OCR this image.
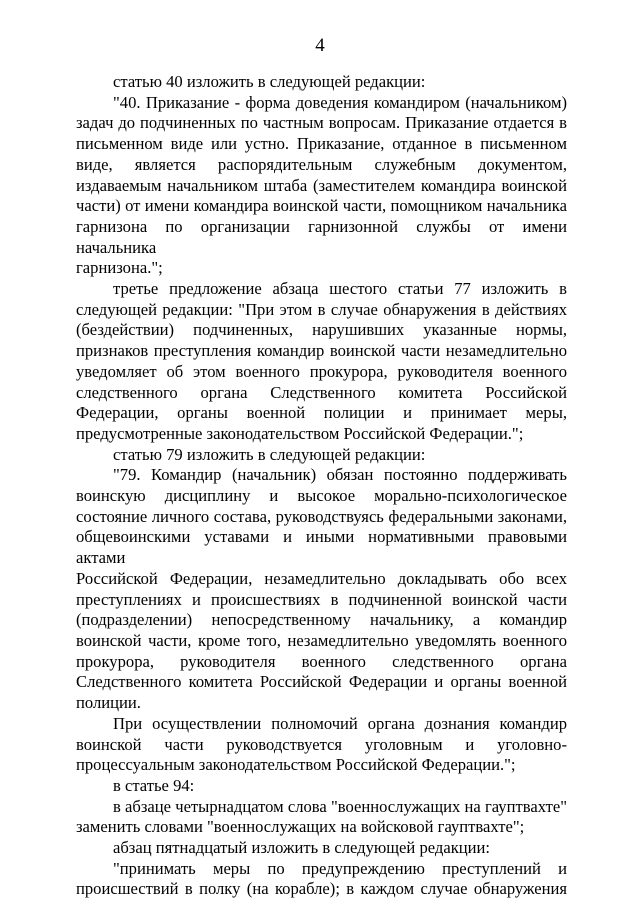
4
статью 40 изложить в следующей редакции:
"40. Приказание - форма доведения командиром (начальником)
задач до подчиненных по частным вопросам. Приказание отдается в
письменном виде или устно. Приказание, отданное в письменном
виде, является распорядительным служебным документом,
издаваемым начальником штаба (заместителем командира воинской
части) от имени командира воинской части, помощником начальника
гарнизона по организации гарнизонной службы от имени начальника
гарнизона.";
третье предложение абзаца шестого статьи 77 изложить в
следующей редакции: "При этом в случае обнаружения в действиях
(бездействии) подчиненных, нарушивших указанные нормы,
признаков преступления командир воинской части незамедлительно
уведомляет об этом военного прокурора, руководителя военного
следственного органа Следственного комитета Российской
Федерации, органы военной полиции и принимает меры,
предусмотренные законодательством Российской Федерации.";
статью 79 изложить в следующей редакции:
"79. Командир (начальник) обязан постоянно поддерживать
воинскую дисциплину и высокое морально-психологическое
состояние личного состава, руководствуясь федеральными законами,
общевоинскими уставами и иными нормативными правовыми актами
Российской Федерации, незамедлительно докладывать обо всех
преступлениях и происшествиях в подчиненной воинской части
(подразделении) непосредственному начальнику, а командир
воинской части, кроме того, незамедлительно уведомлять военного
прокурора, руководителя военного следственного органа
Следственного комитета Российской Федерации и органы военной
полиции.
При осуществлении полномочий органа дознания командир
воинской части руководствуется уголовным и уголовно-
процессуальным законодательством Российской Федерации.";
в статье 94:
в абзаце четырнадцатом слова "военнослужащих на гауптвахте"
заменить словами "военнослужащих на войсковой гауптвахте";
абзац пятнадцатый изложить в следующей редакции:
"принимать меры по предупреждению преступлений и
происшествий в полку (на корабле); в каждом случае обнаружения
